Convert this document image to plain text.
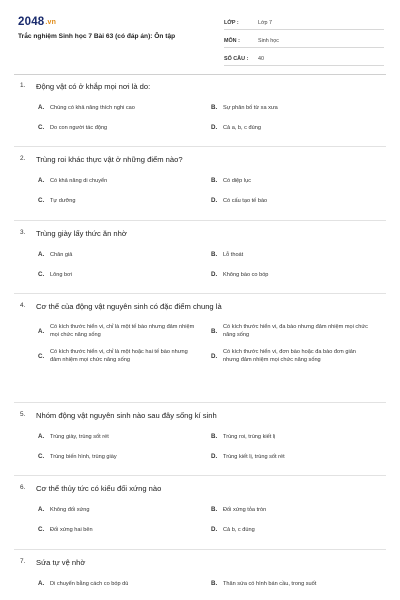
2048.vn
Trắc nghiệm Sinh học 7 Bài 63 (có đáp án): Ôn tập
LỚP :	Lớp 7
MÔN :	Sinh học
SỐ CÂU :	40
1.	Động vật có ở khắp mọi nơi là do:
A.	Chúng có khả năng thích nghi cao	B.	Sự phân bố từ xa xưa
C.	Do con người tác động	D.	Cả a, b, c đúng
2.	Trùng roi khác thực vật ở những điểm nào?
A.	Có khả năng di chuyển	B.	Có diệp lục
C.	Tự dưỡng	D.	Có cấu tạo tế bào
3.	Trùng giày lấy thức ăn nhờ
A.	Chân giả	B.	Lỗ thoát
C.	Lông bơi	D.	Không bào co bóp
4.	Cơ thể của động vật nguyên sinh có đặc điểm chung là
A.
Có kích thước hiển vi, chỉ là một tế bào nhưng đảm nhiệm mọi chức năng sống
B.
Có kích thước hiển vi, đa bào nhưng đảm nhiệm mọi chức năng sống
C.
Có kích thước hiển vi, chỉ là một hoặc hai tế bào nhưng đảm nhiệm mọi chức năng sống
D.
Có kích thước hiển vi, đơn bào hoặc đa bào đơn giản nhưng đảm nhiệm mọi chức năng sống
5.	Nhóm động vật nguyên sinh nào sau đây sống kí sinh
A.	Trùng giày, trùng sốt rét	B.	Trùng roi, trùng kiết lị
C.	Trùng biến hình, trùng giày	D.	Trùng kiết lị, trùng sốt rét
6.	Cơ thể thủy tức có kiểu đối xứng nào
A.	Không đối xứng	B.	Đối xứng tỏa tròn
C.	Đối xứng hai bên	D.	Cả b, c đúng
7.	Sứa tự vệ nhờ
A.	Di chuyển bằng cách co bóp dù	B.	Thân sứa có hình bán cầu, trong suốt
